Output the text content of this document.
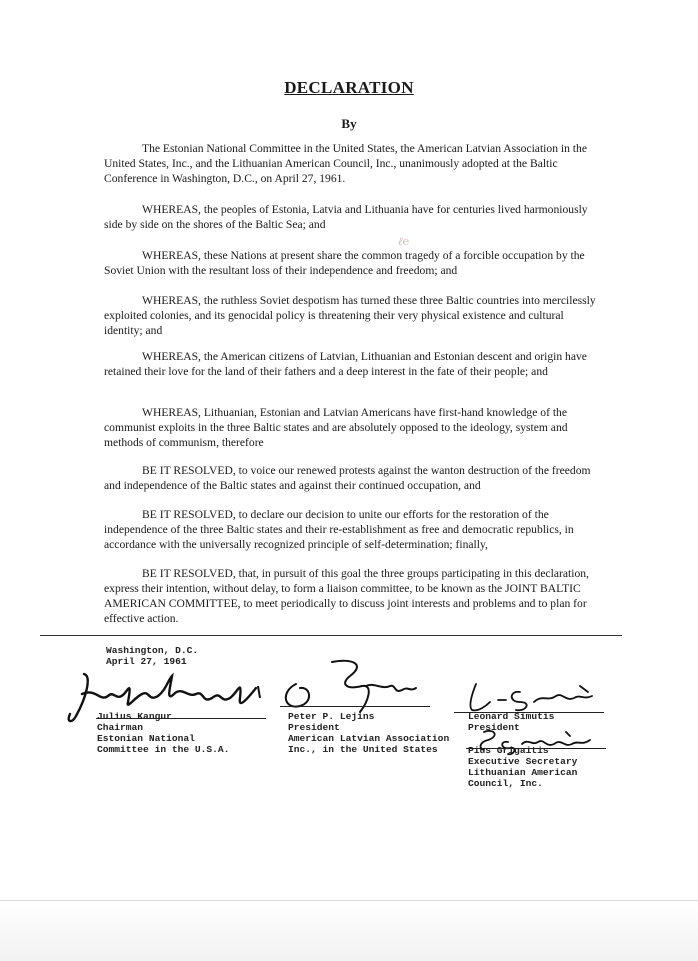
DECLARATION
By

The Estonian National Committee in the United States, the American Latvian Association in the United States, Inc., and the Lithuanian American Council, Inc., unanimously adopted at the Baltic Conference in Washington, D.C., on April 27, 1961.

WHEREAS, the peoples of Estonia, Latvia and Lithuania have for centuries lived harmoniously side by side on the shores of the Baltic Sea; and

WHEREAS, these Nations at present share the common tragedy of a forcible occupation by the Soviet Union with the resultant loss of their independence and freedom; and

WHEREAS, the ruthless Soviet despotism has turned these three Baltic countries into mercilessly exploited colonies, and its genocidal policy is threatening their very physical existence and cultural identity; and

WHEREAS, the American citizens of Latvian, Lithuanian and Estonian descent and origin have retained their love for the land of their fathers and a deep interest in the fate of their people; and

WHEREAS, Lithuanian, Estonian and Latvian Americans have first-hand knowledge of the communist exploits in the three Baltic states and are absolutely opposed to the ideology, system and methods of communism, therefore

BE IT RESOLVED, to voice our renewed protests against the wanton destruction of the freedom and independence of the Baltic states and against their continued occupation, and

BE IT RESOLVED, to declare our decision to unite our efforts for the restoration of the independence of the three Baltic states and their re-establishment as free and democratic republics, in accordance with the universally recognized principle of self-determination; finally,

BE IT RESOLVED, that, in pursuit of this goal the three groups participating in this declaration, express their intention, without delay, to form a liaison committee, to be known as the JOINT BALTIC AMERICAN COMMITTEE, to meet periodically to discuss joint interests and problems and to plan for effective action.

ℓ℮
Washington, D.C.
April 27, 1961
Julius Kangur
Chairman
Estonian National
Committee in the U.S.A.
Peter P. Lejins
President
American Latvian Association
Inc., in the United States
Leonard Simutis
President
Pius Grigaitis
Executive Secretary
Lithuanian American
Council, Inc.
